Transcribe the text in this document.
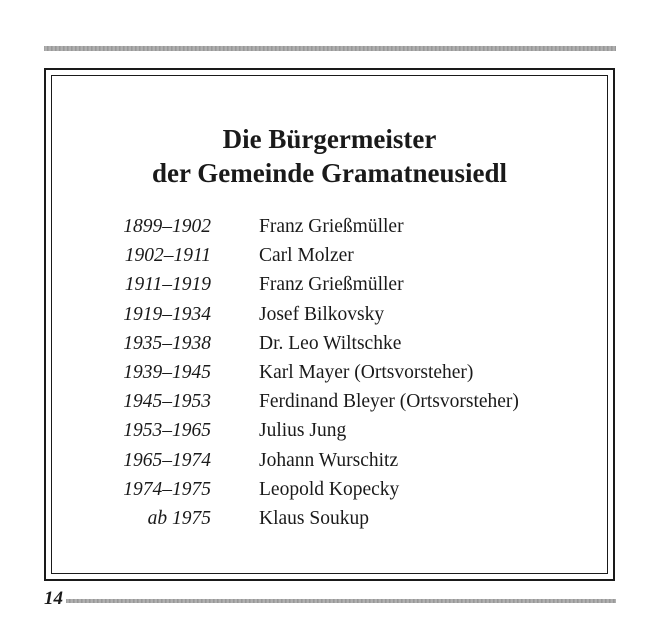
Die Bürgermeister
der Gemeinde Gramatneusiedl
1899–1902 Franz Grießmüller
1902–1911 Carl Molzer
1911–1919 Franz Grießmüller
1919–1934 Josef Bilkovsky
1935–1938 Dr. Leo Wiltschke
1939–1945 Karl Mayer (Ortsvorsteher)
1945–1953 Ferdinand Bleyer (Ortsvorsteher)
1953–1965 Julius Jung
1965–1974 Johann Wurschitz
1974–1975 Leopold Kopecky
ab 1975 Klaus Soukup
14
